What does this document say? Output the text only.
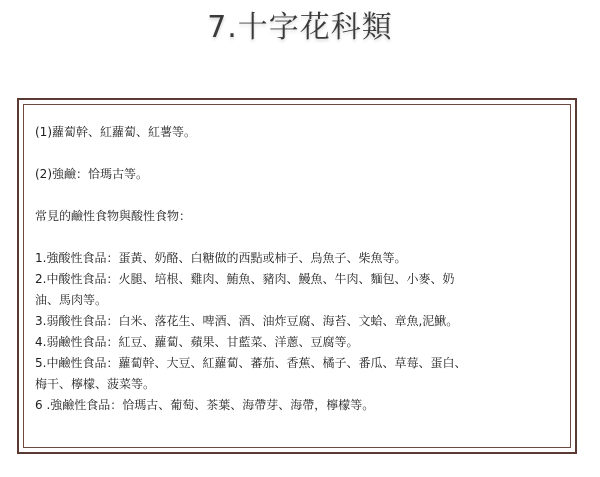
7.十字花科類
(1)蘿蔔幹、紅蘿蔔、紅薯等。
(2)強鹼：恰瑪古等。
常見的鹼性食物與酸性食物：
1.強酸性食品：蛋黃、奶酪、白糖做的西點或柿子、烏魚子、柴魚等。
2.中酸性食品：火腿、培根、雞肉、鮪魚、豬肉、鰻魚、牛肉、麵包、小麥、奶
油、馬肉等。
3.弱酸性食品：白米、落花生、啤酒、酒、油炸豆腐、海苔、文蛤、章魚,泥鰍。
4.弱鹼性食品：紅豆、蘿蔔、蘋果、甘藍菜、洋蔥、豆腐等。
5.中鹼性食品：蘿蔔幹、大豆、紅蘿蔔、蕃茄、香蕉、橘子、番瓜、草莓、蛋白、
梅干、檸檬、菠菜等。
6 .強鹼性食品：恰瑪古、葡萄、茶葉、海帶芽、海帶，檸檬等。
